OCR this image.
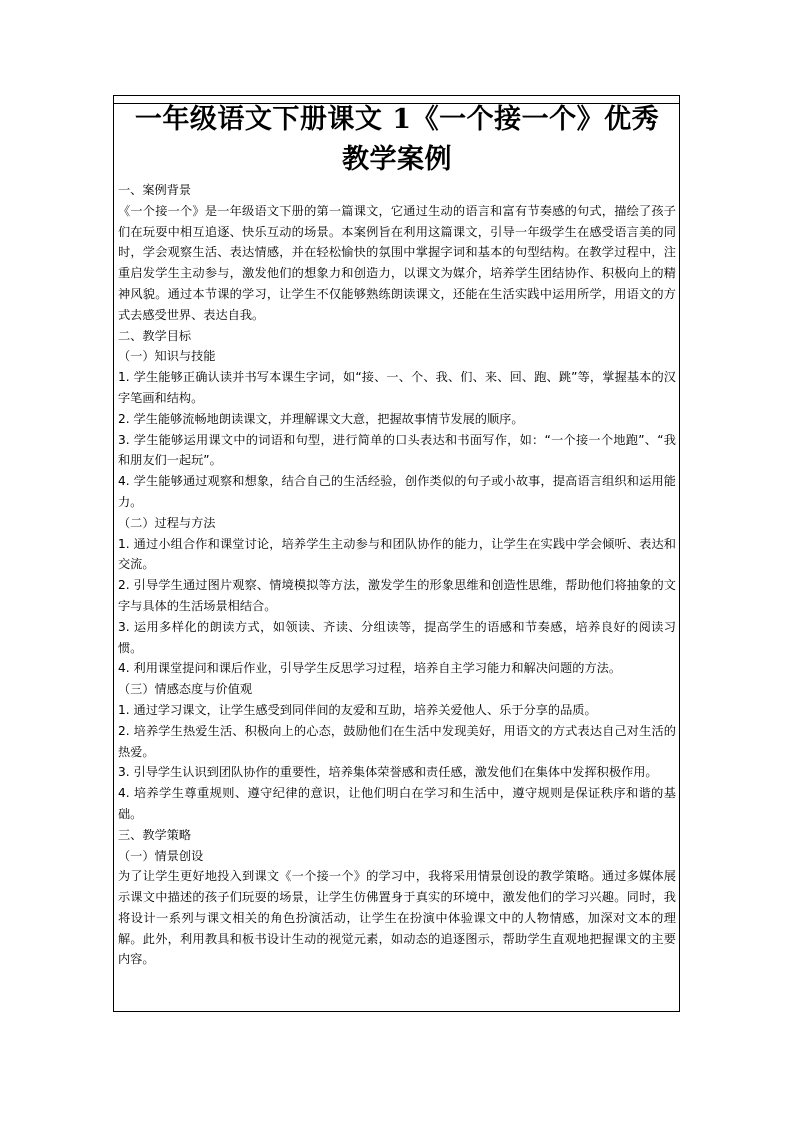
一年级语文下册课文 1《一个接一个》优秀
教学案例

一、案例背景

《一个接一个》是一年级语文下册的第一篇课文，它通过生动的语言和富有节奏感的句式，描绘了孩子们在玩耍中相互追逐、快乐互动的场景。本案例旨在利用这篇课文，引导一年级学生在感受语言美的同时，学会观察生活、表达情感，并在轻松愉快的氛围中掌握字词和基本的句型结构。在教学过程中，注重启发学生主动参与，激发他们的想象力和创造力，以课文为媒介，培养学生团结协作、积极向上的精神风貌。通过本节课的学习，让学生不仅能够熟练朗读课文，还能在生活实践中运用所学，用语文的方式去感受世界、表达自我。

二、教学目标

（一）知识与技能

1. 学生能够正确认读并书写本课生字词，如“接、一、个、我、们、来、回、跑、跳”等，掌握基本的汉字笔画和结构。

2. 学生能够流畅地朗读课文，并理解课文大意，把握故事情节发展的顺序。

3. 学生能够运用课文中的词语和句型，进行简单的口头表达和书面写作，如：“一个接一个地跑”、“我和朋友们一起玩”。

4. 学生能够通过观察和想象，结合自己的生活经验，创作类似的句子或小故事，提高语言组织和运用能力。

（二）过程与方法

1. 通过小组合作和课堂讨论，培养学生主动参与和团队协作的能力，让学生在实践中学会倾听、表达和交流。

2. 引导学生通过图片观察、情境模拟等方法，激发学生的形象思维和创造性思维，帮助他们将抽象的文字与具体的生活场景相结合。

3. 运用多样化的朗读方式，如领读、齐读、分组读等，提高学生的语感和节奏感，培养良好的阅读习惯。

4. 利用课堂提问和课后作业，引导学生反思学习过程，培养自主学习能力和解决问题的方法。

（三）情感态度与价值观

1. 通过学习课文，让学生感受到同伴间的友爱和互助，培养关爱他人、乐于分享的品质。

2. 培养学生热爱生活、积极向上的心态，鼓励他们在生活中发现美好，用语文的方式表达自己对生活的热爱。

3. 引导学生认识到团队协作的重要性，培养集体荣誉感和责任感，激发他们在集体中发挥积极作用。

4. 培养学生尊重规则、遵守纪律的意识，让他们明白在学习和生活中，遵守规则是保证秩序和谐的基础。

三、教学策略

（一）情景创设

为了让学生更好地投入到课文《一个接一个》的学习中，我将采用情景创设的教学策略。通过多媒体展示课文中描述的孩子们玩耍的场景，让学生仿佛置身于真实的环境中，激发他们的学习兴趣。同时，我将设计一系列与课文相关的角色扮演活动，让学生在扮演中体验课文中的人物情感，加深对文本的理解。此外，利用教具和板书设计生动的视觉元素，如动态的追逐图示，帮助学生直观地把握课文的主要内容。
